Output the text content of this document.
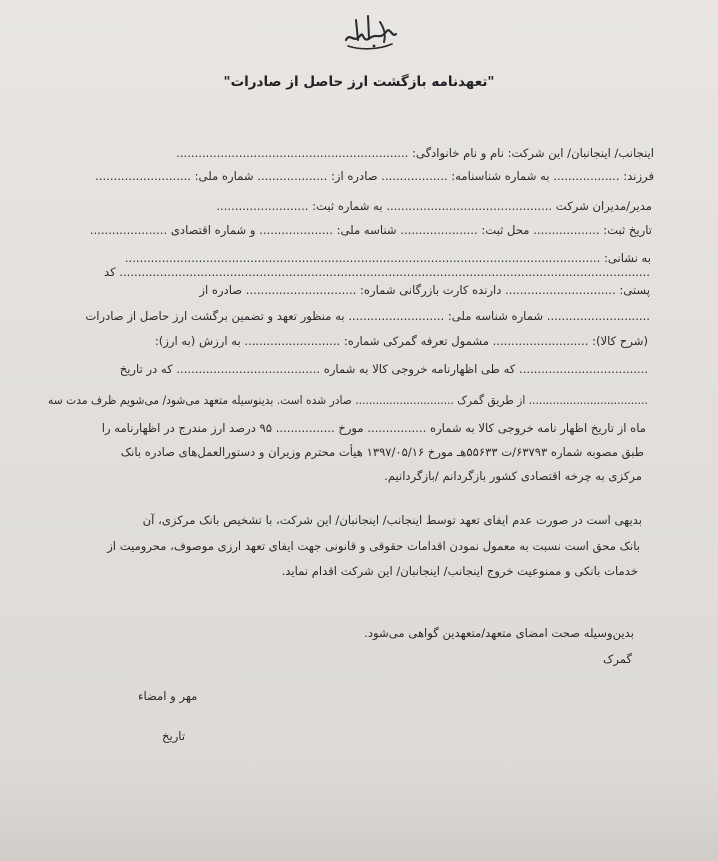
"تعهدنامه بازگشت ارز حاصل از صادرات"
اینجانب/ اینجانبان/ این شرکت: نام و نام خانوادگی: ...............................................................
فرزند: .................. به شماره شناسنامه: .................. صادره از: ................... شماره ملی: ..........................
مدیر/مدیران شرکت ............................................. به شماره ثبت: .........................
تاریخ ثبت: .................. محل ثبت: ..................... شناسه ملی: .................... و شماره اقتصادی .....................
به نشانی: .................................................................................................................................
................................................................................................................................................ کد
پستی: .............................. دارنده کارت بازرگانی شماره: .............................. صادره از
............................ شماره شناسه ملی: .......................... به منظور تعهد و تضمین برگشت ارز حاصل از صادرات
(شرح کالا): .......................... مشمول تعرفه گمرکی شماره: .......................... به ارزش (به ارز):
................................... که طی اظهارنامه خروجی کالا به شماره ....................................... که در تاریخ
................................... از طریق گمرک ............................. صادر شده است. بدینوسیله متعهد می‌شود/ می‌شویم ظرف مدت سه
ماه از تاریخ اظهار نامه خروجی کالا به شماره ................ مورخ ................ ۹۵ درصد ارز مندرج در اظهارنامه را
طبق مصوبه شماره ۶۳۷۹۳/ت ۵۵۶۳۳هـ مورخ ۱۳۹۷/۰۵/۱۶ هیأت محترم وزیران و دستورالعمل‌های صادره بانک
مرکزی به چرخه اقتصادی کشور بازگردانم /بازگردانیم.
بدیهی است در صورت عدم ایفای تعهد توسط اینجانب/ اینجانبان/ این شرکت، با تشخیص بانک مرکزی، آن
بانک محق است نسبت به معمول نمودن اقدامات حقوقی و قانونی جهت ایفای تعهد ارزی موصوف، محرومیت از
خدمات بانکی و ممنوعیت خروج اینجانب/ اینجانبان/ این شرکت اقدام نماید.
بدین‌وسیله صحت امضای متعهد/متعهدین گواهی می‌شود.
گمرک
مهر و امضاء
تاریخ
